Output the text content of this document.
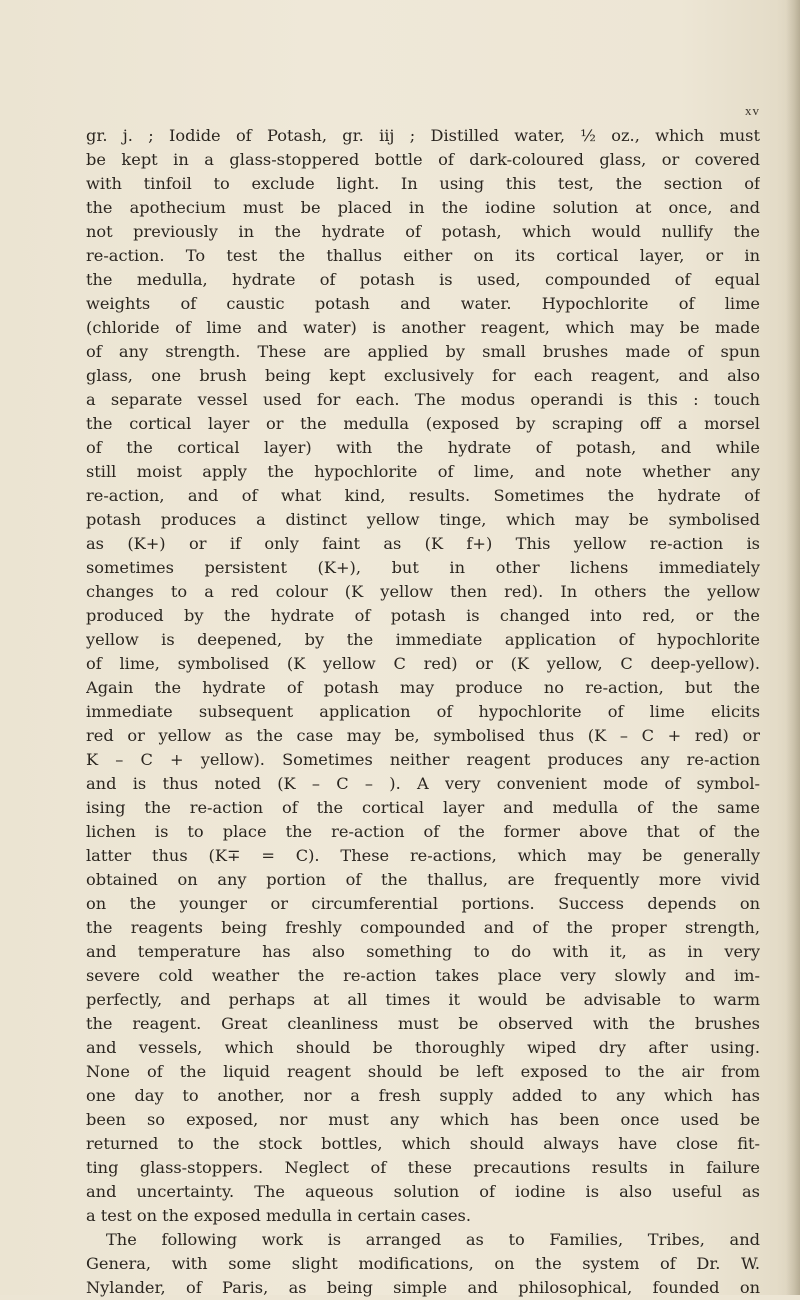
xv
gr. j. ; Iodide of Potash, gr. iij ; Distilled water, ½ oz., which must
be kept in a glass-stoppered bottle of dark-coloured glass, or covered
with tinfoil to exclude light. In using this test, the section of
the apothecium must be placed in the iodine solution at once, and
not previously in the hydrate of potash, which would nullify the
re-action. To test the thallus either on its cortical layer, or in
the medulla, hydrate of potash is used, compounded of equal
weights of caustic potash and water. Hypochlorite of lime
(chloride of lime and water) is another reagent, which may be made
of any strength. These are applied by small brushes made of spun
glass, one brush being kept exclusively for each reagent, and also
a separate vessel used for each. The modus operandi is this : touch
the cortical layer or the medulla (exposed by scraping off a morsel
of the cortical layer) with the hydrate of potash, and while
still moist apply the hypochlorite of lime, and note whether any
re-action, and of what kind, results. Sometimes the hydrate of
potash produces a distinct yellow tinge, which may be symbolised
as (K+) or if only faint as (K f+) This yellow re-action is
sometimes persistent (K+), but in other lichens immediately
changes to a red colour (K yellow then red). In others the yellow
produced by the hydrate of potash is changed into red, or the
yellow is deepened, by the immediate application of hypochlorite
of lime, symbolised (K yellow C red) or (K yellow, C deep-yellow).
Again the hydrate of potash may produce no re-action, but the
immediate subsequent application of hypochlorite of lime elicits
red or yellow as the case may be, symbolised thus (K – C + red) or
K – C + yellow). Sometimes neither reagent produces any re-action
and is thus noted (K – C – ). A very convenient mode of symbol-
ising the re-action of the cortical layer and medulla of the same
lichen is to place the re-action of the former above that of the
latter thus (K∓ = C). These re-actions, which may be generally
obtained on any portion of the thallus, are frequently more vivid
on the younger or circumferential portions. Success depends on
the reagents being freshly compounded and of the proper strength,
and temperature has also something to do with it, as in very
severe cold weather the re-action takes place very slowly and im-
perfectly, and perhaps at all times it would be advisable to warm
the reagent. Great cleanliness must be observed with the brushes
and vessels, which should be thoroughly wiped dry after using.
None of the liquid reagent should be left exposed to the air from
one day to another, nor a fresh supply added to any which has
been so exposed, nor must any which has been once used be
returned to the stock bottles, which should always have close fit-
ting glass-stoppers. Neglect of these precautions results in failure
and uncertainty. The aqueous solution of iodine is also useful as
a test on the exposed medulla in certain cases.
The following work is arranged as to Families, Tribes, and
Genera, with some slight modifications, on the system of Dr. W.
Nylander, of Paris, as being simple and philosophical, founded on
